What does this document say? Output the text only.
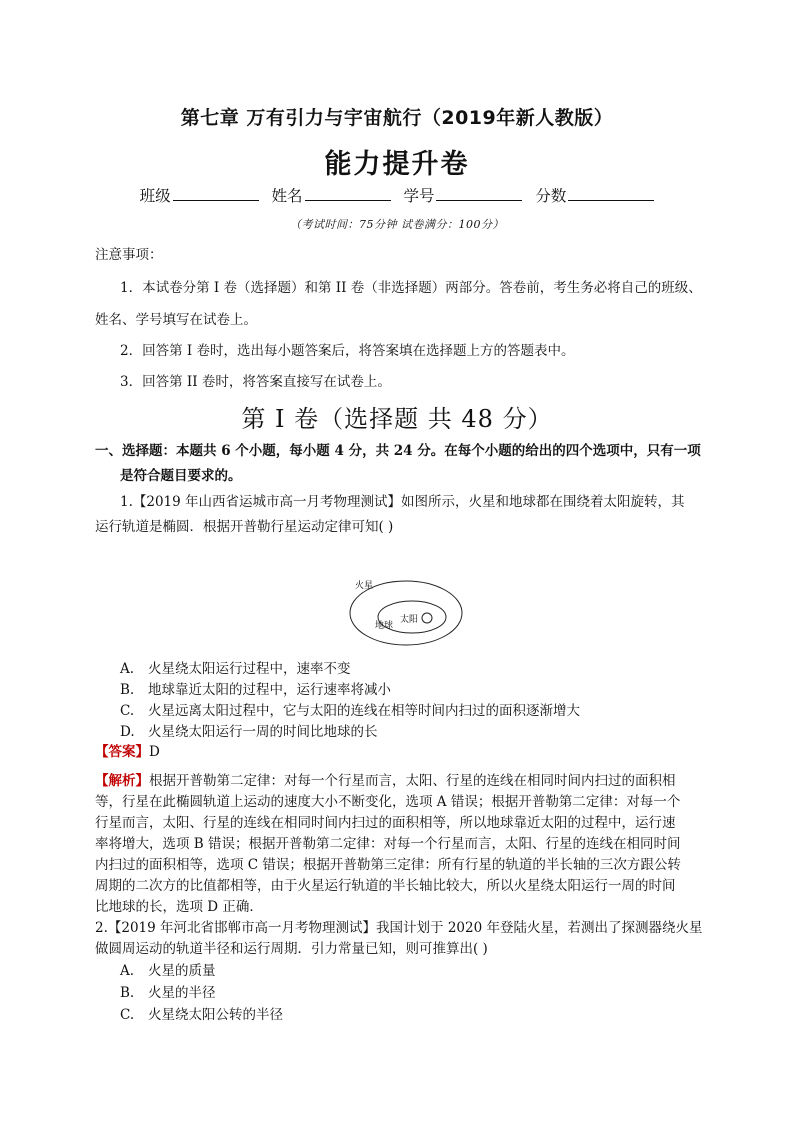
第七章 万有引力与宇宙航行（2019年新人教版）
能力提升卷
班级	姓名	学号	分数
（考试时间：75分钟 试卷满分：100分）
注意事项：
1．本试卷分第 I 卷（选择题）和第 II 卷（非选择题）两部分。答卷前，考生务必将自己的班级、
姓名、学号填写在试卷上。
2．回答第 I 卷时，选出每小题答案后，将答案填在选择题上方的答题表中。
3．回答第 II 卷时，将答案直接写在试卷上。
第 I 卷（选择题 共 48 分）
一、选择题：本题共 6 个小题，每小题 4 分，共 24 分。在每个小题的给出的四个选项中，只有一项
是符合题目要求的。
1.【2019 年山西省运城市高一月考物理测试】如图所示，火星和地球都在围绕着太阳旋转，其
运行轨道是椭圆．根据开普勒行星运动定律可知( )
火星
地球
太阳
A. 火星绕太阳运行过程中，速率不变
B. 地球靠近太阳的过程中，运行速率将减小
C. 火星远离太阳过程中，它与太阳的连线在相等时间内扫过的面积逐渐增大
D. 火星绕太阳运行一周的时间比地球的长
【答案】D
【解析】根据开普勒第二定律：对每一个行星而言，太阳、行星的连线在相同时间内扫过的面积相
等，行星在此椭圆轨道上运动的速度大小不断变化，选项 A 错误；根据开普勒第二定律：对每一个
行星而言，太阳、行星的连线在相同时间内扫过的面积相等，所以地球靠近太阳的过程中，运行速
率将增大，选项 B 错误；根据开普勒第二定律：对每一个行星而言，太阳、行星的连线在相同时间
内扫过的面积相等，选项 C 错误；根据开普勒第三定律：所有行星的轨道的半长轴的三次方跟公转
周期的二次方的比值都相等，由于火星运行轨道的半长轴比较大，所以火星绕太阳运行一周的时间
比地球的长，选项 D 正确．
2.【2019 年河北省邯郸市高一月考物理测试】我国计划于 2020 年登陆火星，若测出了探测器绕火星
做圆周运动的轨道半径和运行周期．引力常量已知，则可推算出( )
A. 火星的质量
B. 火星的半径
C. 火星绕太阳公转的半径
